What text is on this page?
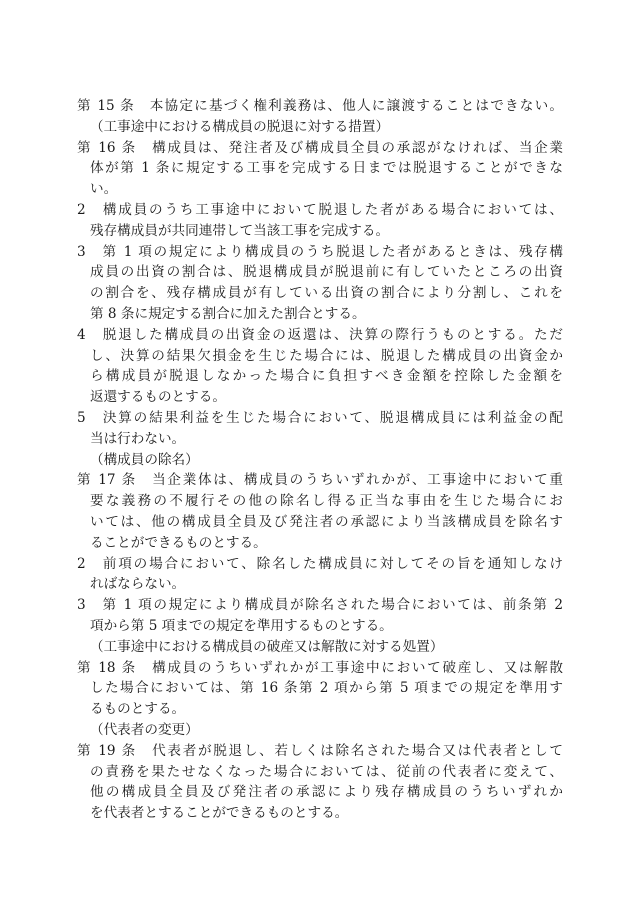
第 15 条　本協定に基づく権利義務は、他人に譲渡することはできない。
（工事途中における構成員の脱退に対する措置）
第 16 条　構成員は、発注者及び構成員全員の承認がなければ、当企業
体が第 1 条に規定する工事を完成する日までは脱退することができな
い。
2　構成員のうち工事途中において脱退した者がある場合においては、
残存構成員が共同連帯して当該工事を完成する。
3　第 1 項の規定により構成員のうち脱退した者があるときは、残存構
成員の出資の割合は、脱退構成員が脱退前に有していたところの出資
の割合を、残存構成員が有している出資の割合により分割し、これを
第 8 条に規定する割合に加えた割合とする。
4　脱退した構成員の出資金の返還は、決算の際行うものとする。ただ
し、決算の結果欠損金を生じた場合には、脱退した構成員の出資金か
ら構成員が脱退しなかった場合に負担すべき金額を控除した金額を
返還するものとする。
5　決算の結果利益を生じた場合において、脱退構成員には利益金の配
当は行わない。
（構成員の除名）
第 17 条　当企業体は、構成員のうちいずれかが、工事途中において重
要な義務の不履行その他の除名し得る正当な事由を生じた場合にお
いては、他の構成員全員及び発注者の承認により当該構成員を除名す
ることができるものとする。
2　前項の場合において、除名した構成員に対してその旨を通知しなけ
ればならない。
3　第 1 項の規定により構成員が除名された場合においては、前条第 2
項から第 5 項までの規定を準用するものとする。
（工事途中における構成員の破産又は解散に対する処置）
第 18 条　構成員のうちいずれかが工事途中において破産し、又は解散
した場合においては、第 16 条第 2 項から第 5 項までの規定を準用す
るものとする。
（代表者の変更）
第 19 条　代表者が脱退し、若しくは除名された場合又は代表者として
の責務を果たせなくなった場合においては、従前の代表者に変えて、
他の構成員全員及び発注者の承認により残存構成員のうちいずれか
を代表者とすることができるものとする。
